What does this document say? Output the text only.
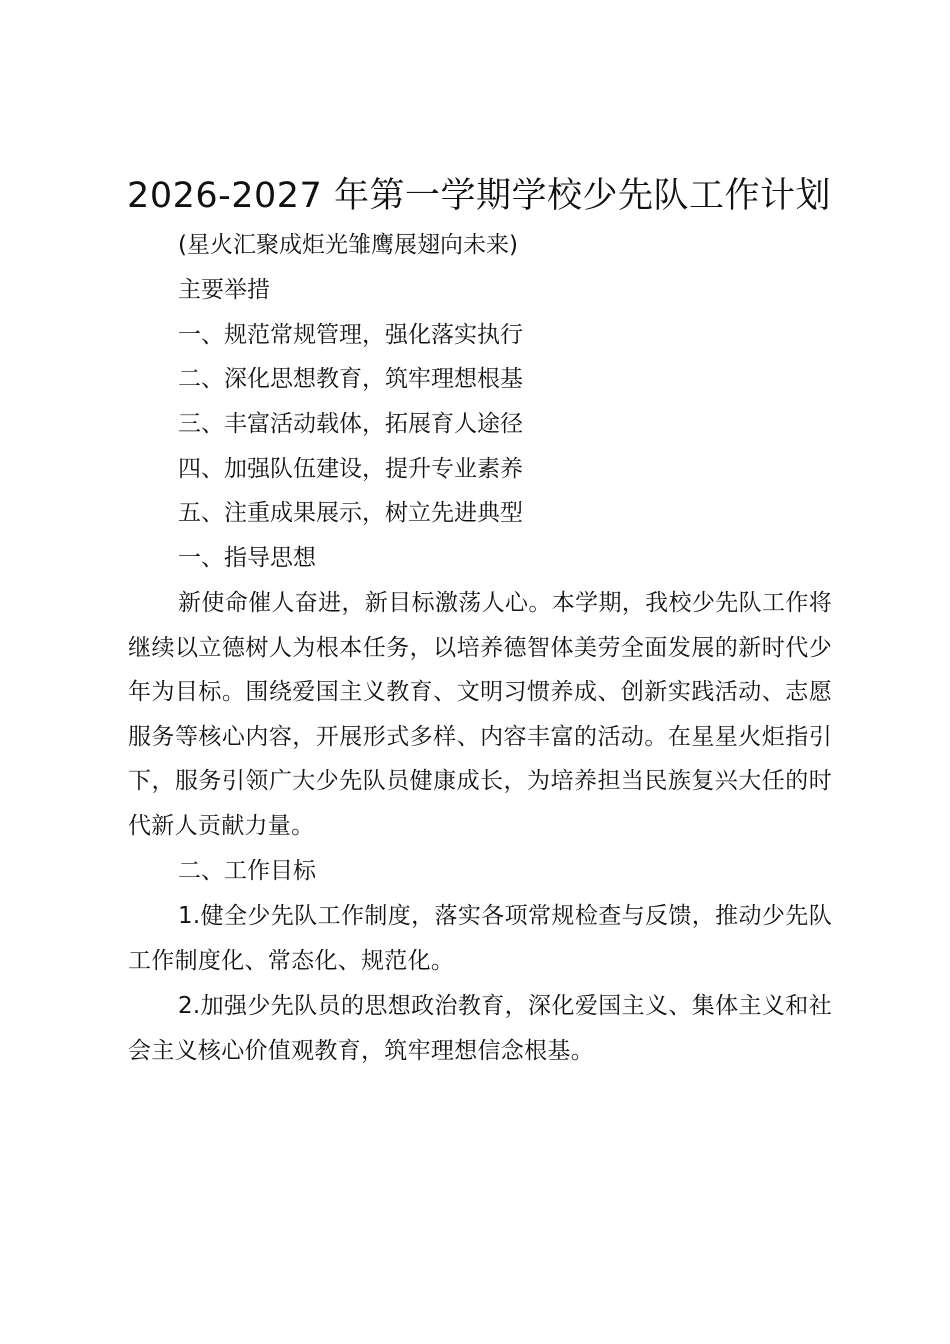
2026-2027 年第一学期学校少先队工作计划

(星火汇聚成炬光雏鹰展翅向未来)

主要举措

一、规范常规管理，强化落实执行

二、深化思想教育，筑牢理想根基

三、丰富活动载体，拓展育人途径

四、加强队伍建设，提升专业素养

五、注重成果展示，树立先进典型

一、指导思想

新使命催人奋进，新目标激荡人心。本学期，我校少先队工作将继续以立德树人为根本任务，以培养德智体美劳全面发展的新时代少年为目标。围绕爱国主义教育、文明习惯养成、创新实践活动、志愿服务等核心内容，开展形式多样、内容丰富的活动。在星星火炬指引下，服务引领广大少先队员健康成长，为培养担当民族复兴大任的时代新人贡献力量。

二、工作目标

1.健全少先队工作制度，落实各项常规检查与反馈，推动少先队工作制度化、常态化、规范化。

2.加强少先队员的思想政治教育，深化爱国主义、集体主义和社会主义核心价值观教育，筑牢理想信念根基。
